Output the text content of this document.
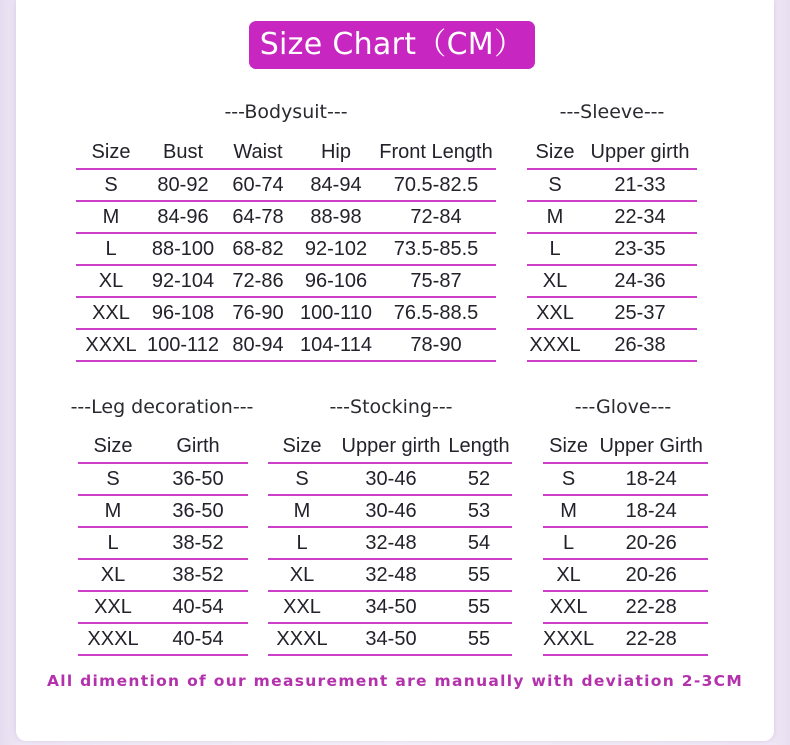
Size Chart（CM）
---Bodysuit---
Size	Bust	Waist	Hip	Front Length
S	80-92	60-74	84-94	70.5-82.5
M	84-96	64-78	88-98	72-84
L	88-100	68-82	92-102	73.5-85.5
XL	92-104	72-86	96-106	75-87
XXL	96-108	76-90	100-110	76.5-88.5
XXXL	100-112	80-94	104-114	78-90
---Sleeve---
Size	Upper girth
S	21-33
M	22-34
L	23-35
XL	24-36
XXL	25-37
XXXL	26-38
---Leg decoration---
Size	Girth
S	36-50
M	36-50
L	38-52
XL	38-52
XXL	40-54
XXXL	40-54
---Stocking---
Size	Upper girth	Length
S	30-46	52
M	30-46	53
L	32-48	54
XL	32-48	55
XXL	34-50	55
XXXL	34-50	55
---Glove---
Size	Upper Girth
S	18-24
M	18-24
L	20-26
XL	20-26
XXL	22-28
XXXL	22-28
All dimention of our measurement are manually with deviation 2-3CM
